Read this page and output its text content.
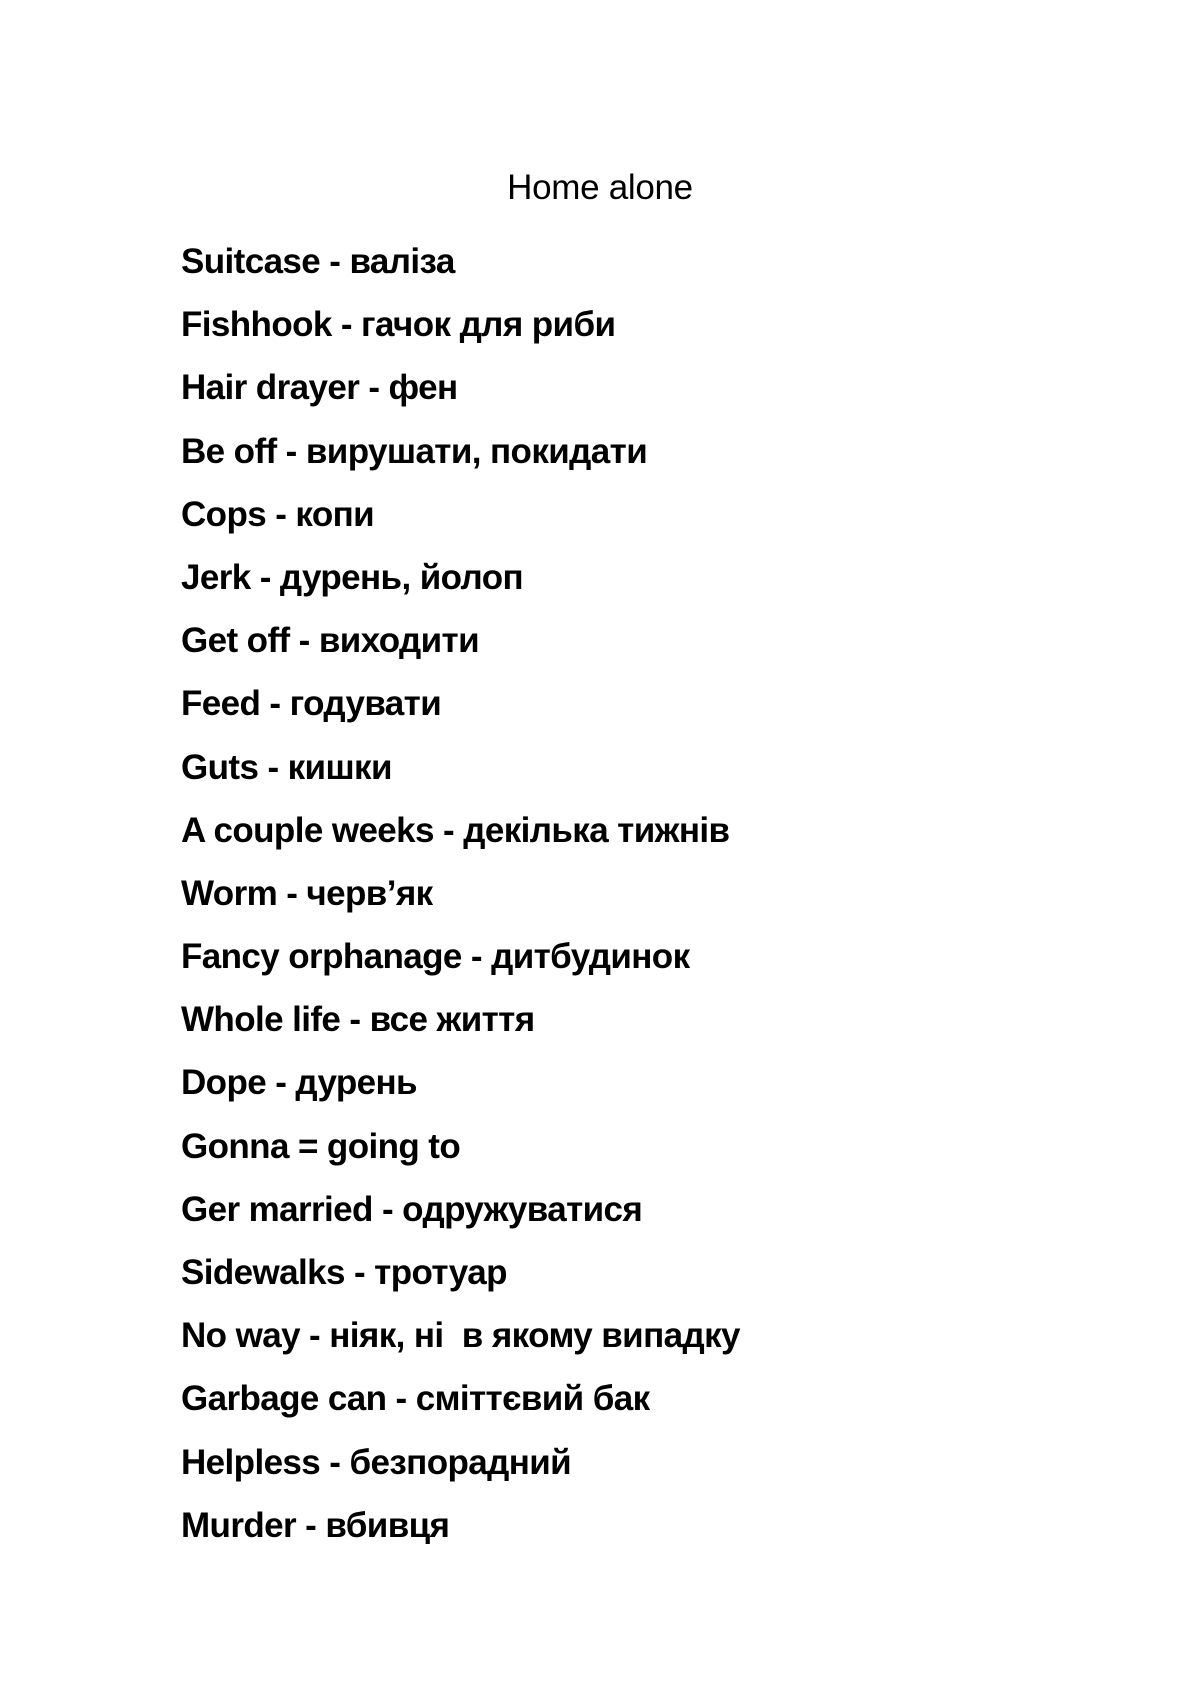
Home alone
Suitcase - валіза
Fishhook - гачок для риби
Hair drayer - фен
Be off - вирушати, покидати
Cops - копи
Jerk - дурень, йолоп
Get off - виходити
Feed - годувати
Guts - кишки
A couple weeks - декілька тижнів
Worm - черв’як
Fancy orphanage - дитбудинок
Whole life - все життя
Dope - дурень
Gonna = going to
Ger married - одружуватися
Sidewalks - тротуар
No way - ніяк, ні  в якому випадку
Garbage can - сміттєвий бак
Helpless - безпорадний
Murder - вбивця
